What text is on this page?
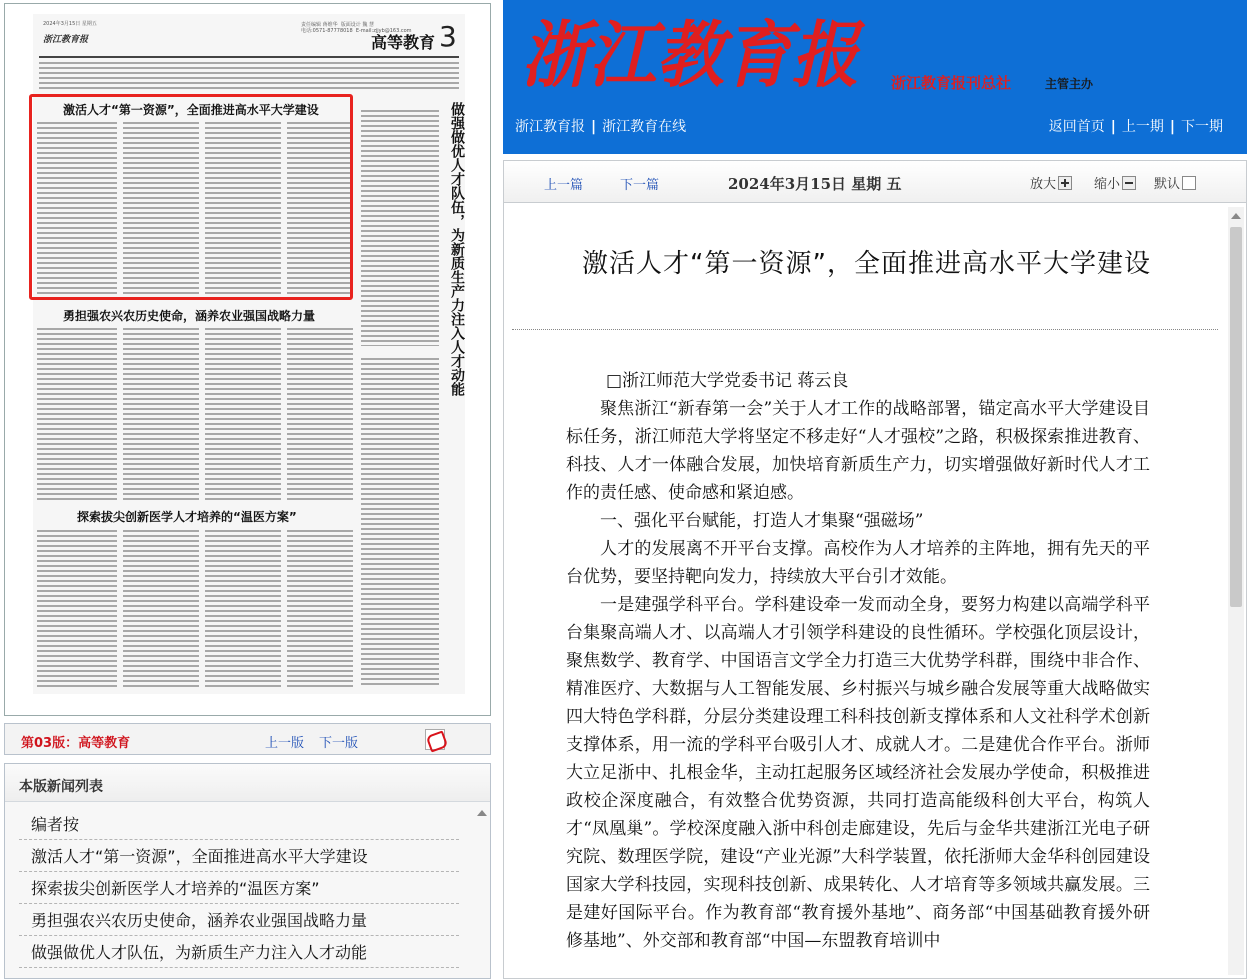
2024年3月15日 星期五
浙江教育报
责任编辑 蒋维华  版面设计 魏 慧
电话:0571-87778018  E-mail:zjjyb@163.com
高等教育 3
激活人才“第一资源”，全面推进高水平大学建设	做强做优人才队伍，为新质生产力注入人才动能
勇担强农兴农历史使命，涵养农业强国战略力量
探索拔尖创新医学人才培养的“温医方案”
第03版：高等教育	上一版 下一版
本版新闻列表
编者按
激活人才“第一资源”，全面推进高水平大学建设
探索拔尖创新医学人才培养的“温医方案”
勇担强农兴农历史使命，涵养农业强国战略力量
做强做优人才队伍，为新质生产力注入人才动能
浙江教育报 浙江教育报刊总社	主管主办
浙江教育报 | 浙江教育在线	返回首页 | 上一期 | 下一期
上一篇	下一篇	2024年3月15日 星期 五	放大	缩小	默认
激活人才“第一资源”，全面推进高水平大学建设

□浙江师范大学党委书记 蒋云良

聚焦浙江“新春第一会”关于人才工作的战略部署，锚定高水平大学建设目标任务，浙江师范大学将坚定不移走好“人才强校”之路，积极探索推进教育、科技、人才一体融合发展，加快培育新质生产力，切实增强做好新时代人才工作的责任感、使命感和紧迫感。

一、强化平台赋能，打造人才集聚“强磁场”

人才的发展离不开平台支撑。高校作为人才培养的主阵地，拥有先天的平台优势，要坚持靶向发力，持续放大平台引才效能。

一是建强学科平台。学科建设牵一发而动全身，要努力构建以高端学科平台集聚高端人才、以高端人才引领学科建设的良性循环。学校强化顶层设计，聚焦数学、教育学、中国语言文学全力打造三大优势学科群，围绕中非合作、精准医疗、大数据与人工智能发展、乡村振兴与城乡融合发展等重大战略做实四大特色学科群，分层分类建设理工科科技创新支撑体系和人文社科学术创新支撑体系，用一流的学科平台吸引人才、成就人才。二是建优合作平台。浙师大立足浙中、扎根金华，主动扛起服务区域经济社会发展办学使命，积极推进政校企深度融合，有效整合优势资源，共同打造高能级科创大平台，构筑人才“凤凰巢”。学校深度融入浙中科创走廊建设，先后与金华共建浙江光电子研究院、数理医学院，建设“产业光源”大科学装置，依托浙师大金华科创园建设国家大学科技园，实现科技创新、成果转化、人才培育等多领域共赢发展。三是建好国际平台。作为教育部“教育援外基地”、商务部“中国基础教育援外研修基地”、外交部和教育部“中国—东盟教育培训中
